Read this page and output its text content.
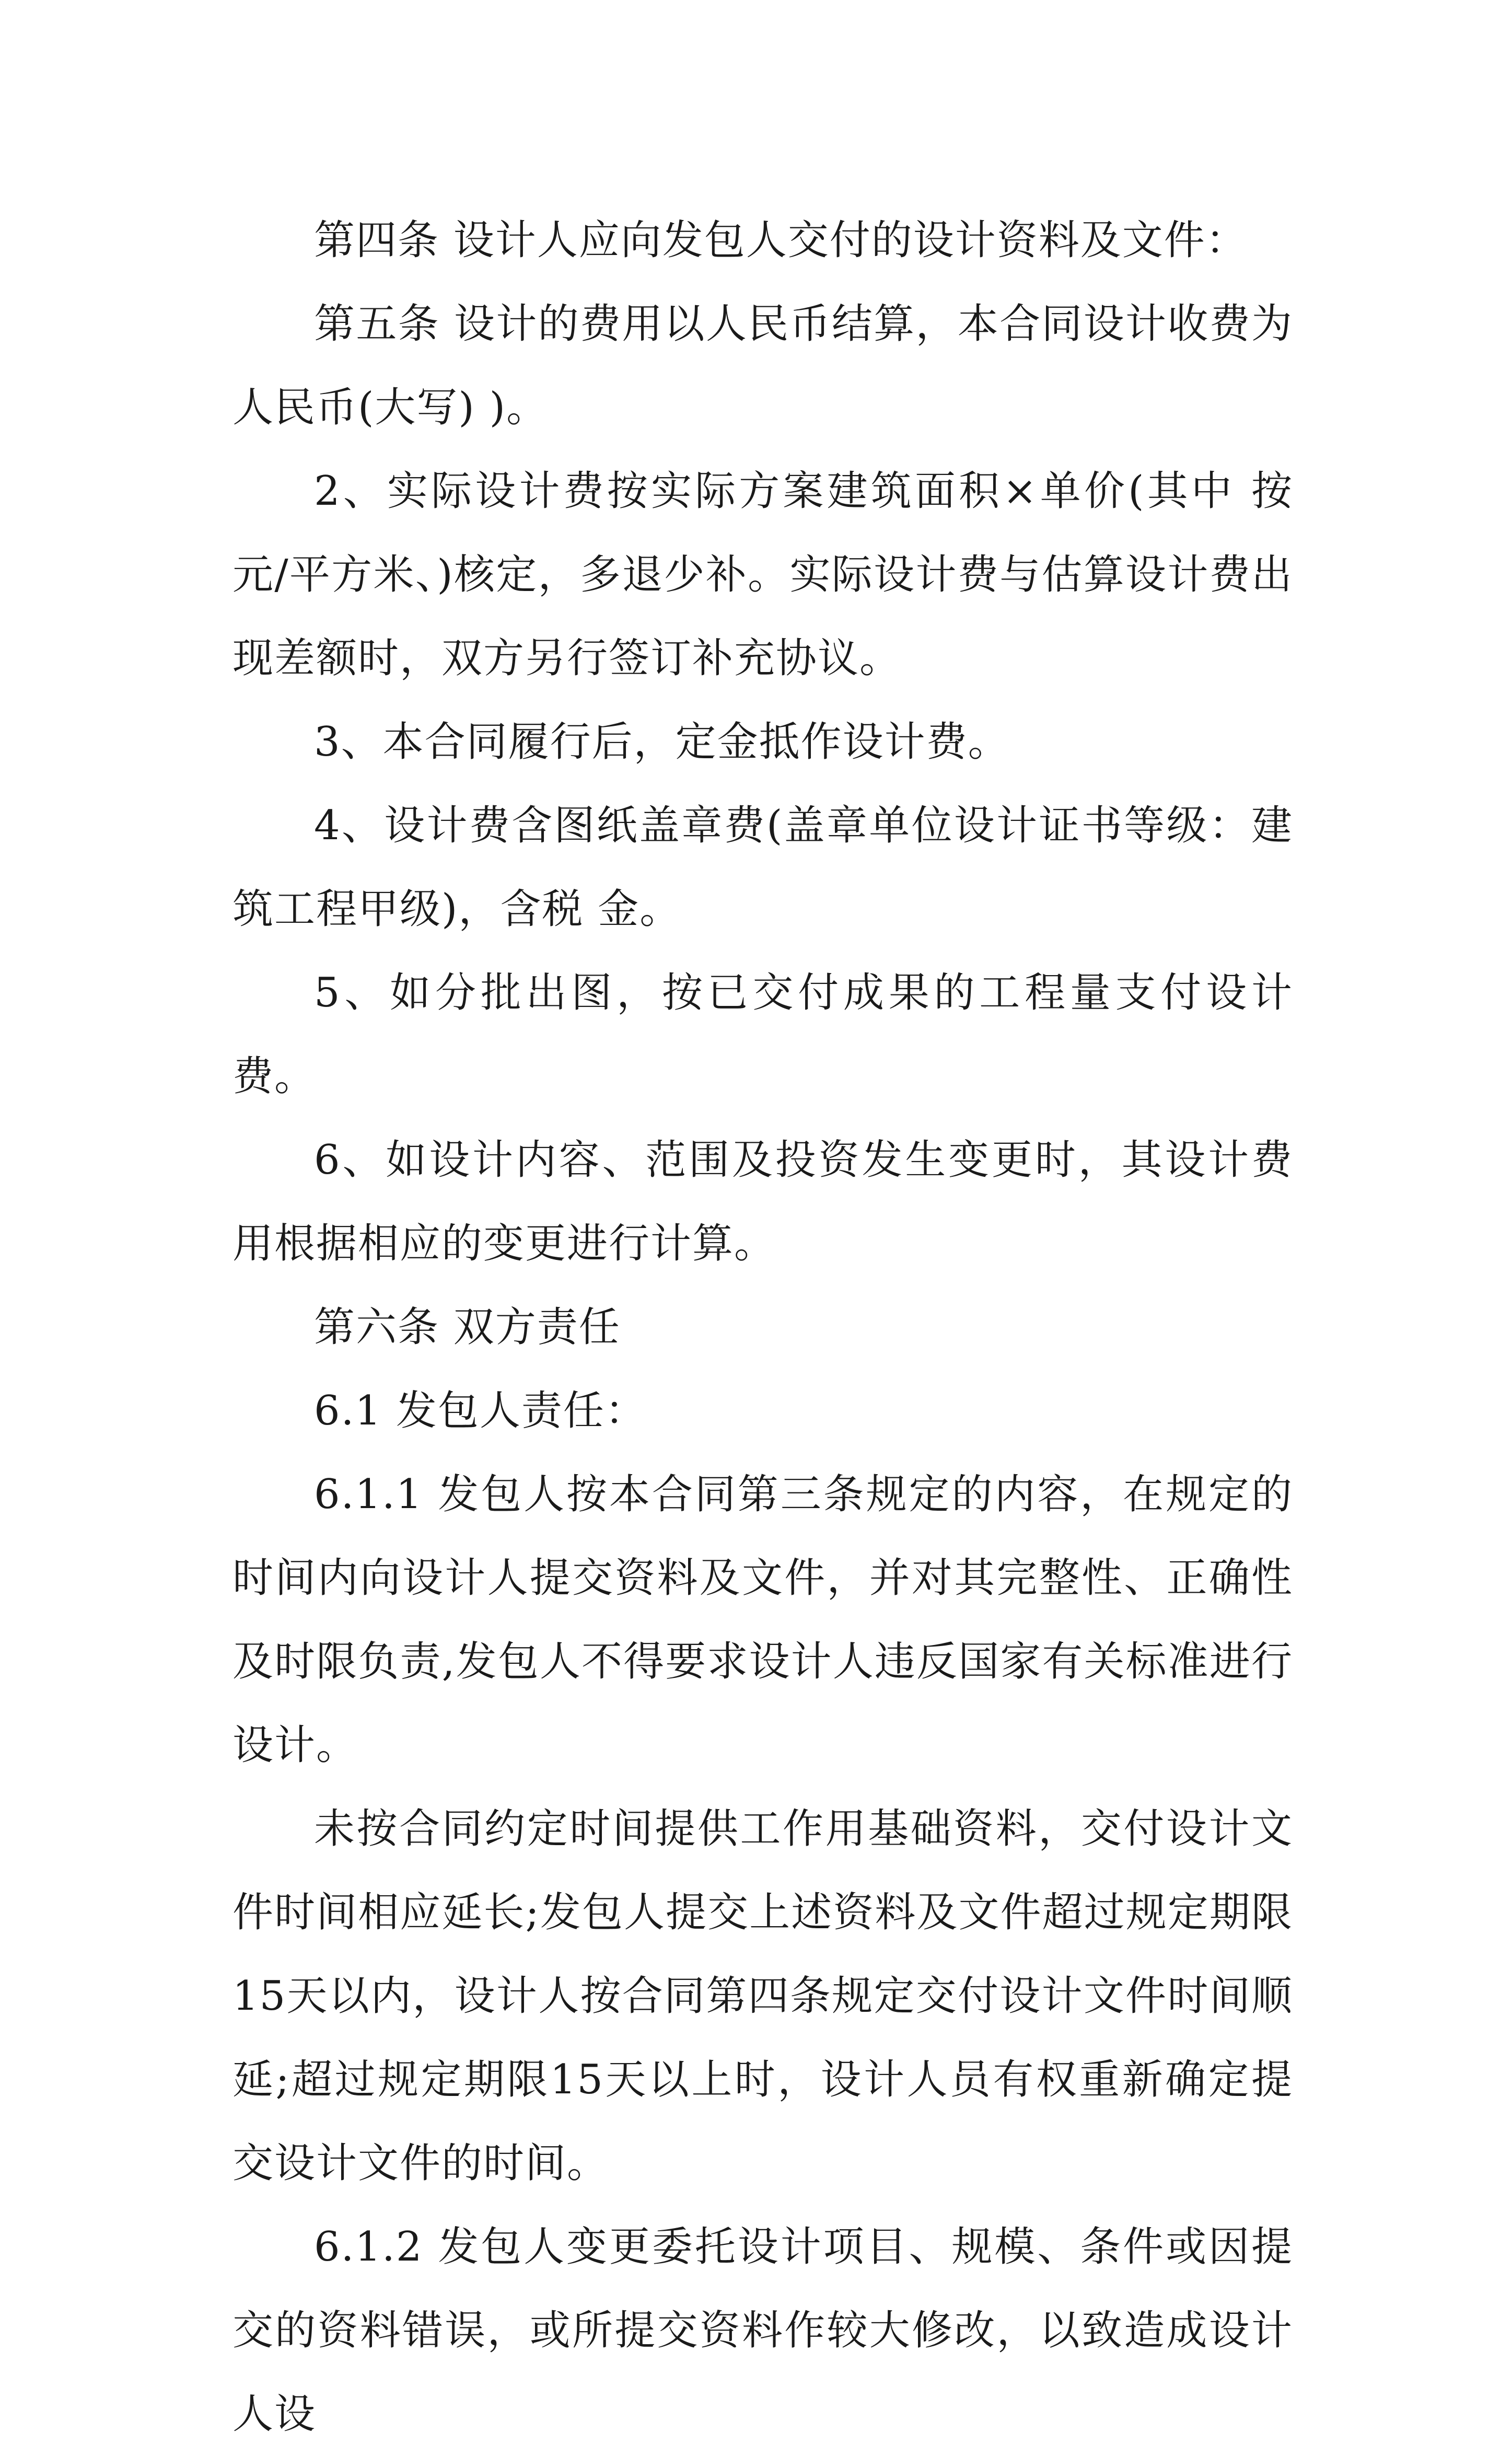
第四条 设计人应向发包人交付的设计资料及文件：

第五条 设计的费用以人民币结算，本合同设计收费为人民币(大写) )。

2、实际设计费按实际方案建筑面积×单价(其中 按 元/平方米、)核定，多退少补。实际设计费与估算设计费出现差额时，双方另行签订补充协议。

3、本合同履行后，定金抵作设计费。

4、设计费含图纸盖章费(盖章单位设计证书等级：建筑工程甲级)，含税 金。

5、如分批出图，按已交付成果的工程量支付设计费。

6、如设计内容、范围及投资发生变更时，其设计费用根据相应的变更进行计算。

第六条 双方责任

6.1 发包人责任：

6.1.1 发包人按本合同第三条规定的内容，在规定的时间内向设计人提交资料及文件，并对其完整性、正确性及时限负责,发包人不得要求设计人违反国家有关标准进行设计。

未按合同约定时间提供工作用基础资料，交付设计文件时间相应延长;发包人提交上述资料及文件超过规定期限15天以内，设计人按合同第四条规定交付设计文件时间顺延;超过规定期限15天以上时，设计人员有权重新确定提交设计文件的时间。

6.1.2 发包人变更委托设计项目、规模、条件或因提交的资料错误，或所提交资料作较大修改，以致造成设计人设
